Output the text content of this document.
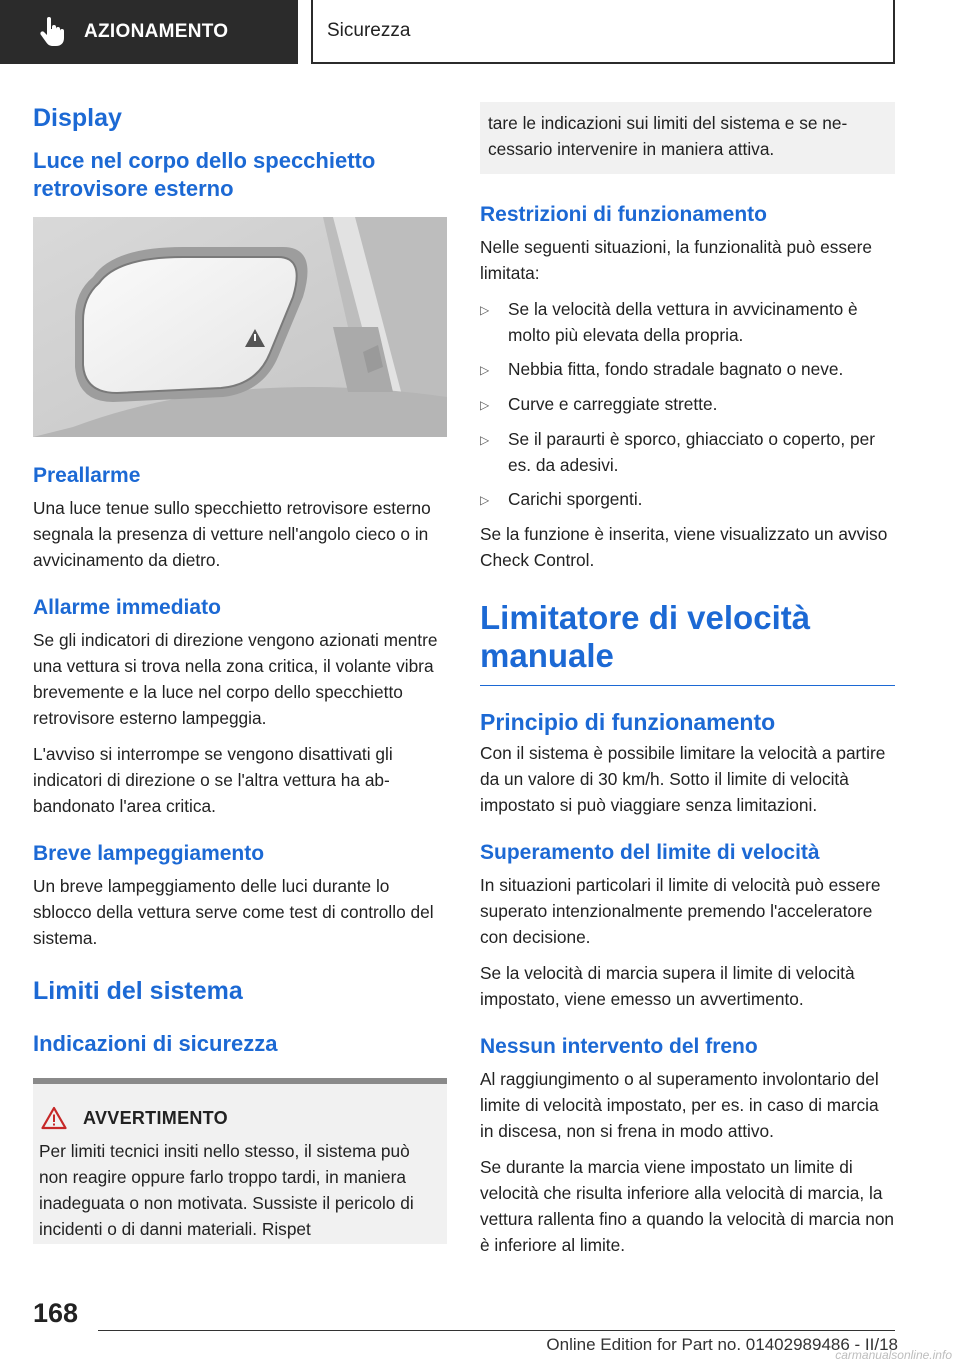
AZIONAMENTO	Sicurezza
Display
Luce nel corpo dello specchietto retrovisore esterno
Preallarme

Una luce tenue sullo specchietto retrovisore esterno segnala la presenza di vetture nell'angolo cieco o in avvicinamento da dietro.

Allarme immediato

Se gli indicatori di direzione vengono azionati mentre una vettura si trova nella zona critica, il volante vibra brevemente e la luce nel corpo dello specchietto retrovisore esterno lampeggia.

L'avviso si interrompe se vengono disattivati gli indicatori di direzione o se l'altra vettura ha abbandonato l'area critica.

Breve lampeggiamento

Un breve lampeggiamento delle luci durante lo sblocco della vettura serve come test di controllo del sistema.

Limiti del sistema
Indicazioni di sicurezza
AVVERTIMENTO

Per limiti tecnici insiti nello stesso, il sistema può non reagire oppure farlo troppo tardi, in maniera inadeguata o non motivata. Sussiste il pericolo di incidenti o di danni materiali. Rispet

tare le indicazioni sui limiti del sistema e se necessario intervenire in maniera attiva.

Restrizioni di funzionamento

Nelle seguenti situazioni, la funzionalità può essere limitata:

▷	Se la velocità della vettura in avvicinamento è molto più elevata della propria.
▷	Nebbia fitta, fondo stradale bagnato o neve.
▷	Curve e carreggiate strette.
▷	Se il paraurti è sporco, ghiacciato o coperto, per es. da adesivi.
▷	Carichi sporgenti.

Se la funzione è inserita, viene visualizzato un avviso Check Control.

Limitatore di velocità manuale
Principio di funzionamento

Con il sistema è possibile limitare la velocità a partire da un valore di 30 km/h. Sotto il limite di velocità impostato si può viaggiare senza limitazioni.

Superamento del limite di velocità

In situazioni particolari il limite di velocità può essere superato intenzionalmente premendo l'acceleratore con decisione.

Se la velocità di marcia supera il limite di velocità impostato, viene emesso un avvertimento.

Nessun intervento del freno

Al raggiungimento o al superamento involontario del limite di velocità impostato, per es. in caso di marcia in discesa, non si frena in modo attivo.

Se durante la marcia viene impostato un limite di velocità che risulta inferiore alla velocità di marcia, la vettura rallenta fino a quando la velocità di marcia non è inferiore al limite.

168
Online Edition for Part no. 01402989486 - II/18
carmanualsonline.info
